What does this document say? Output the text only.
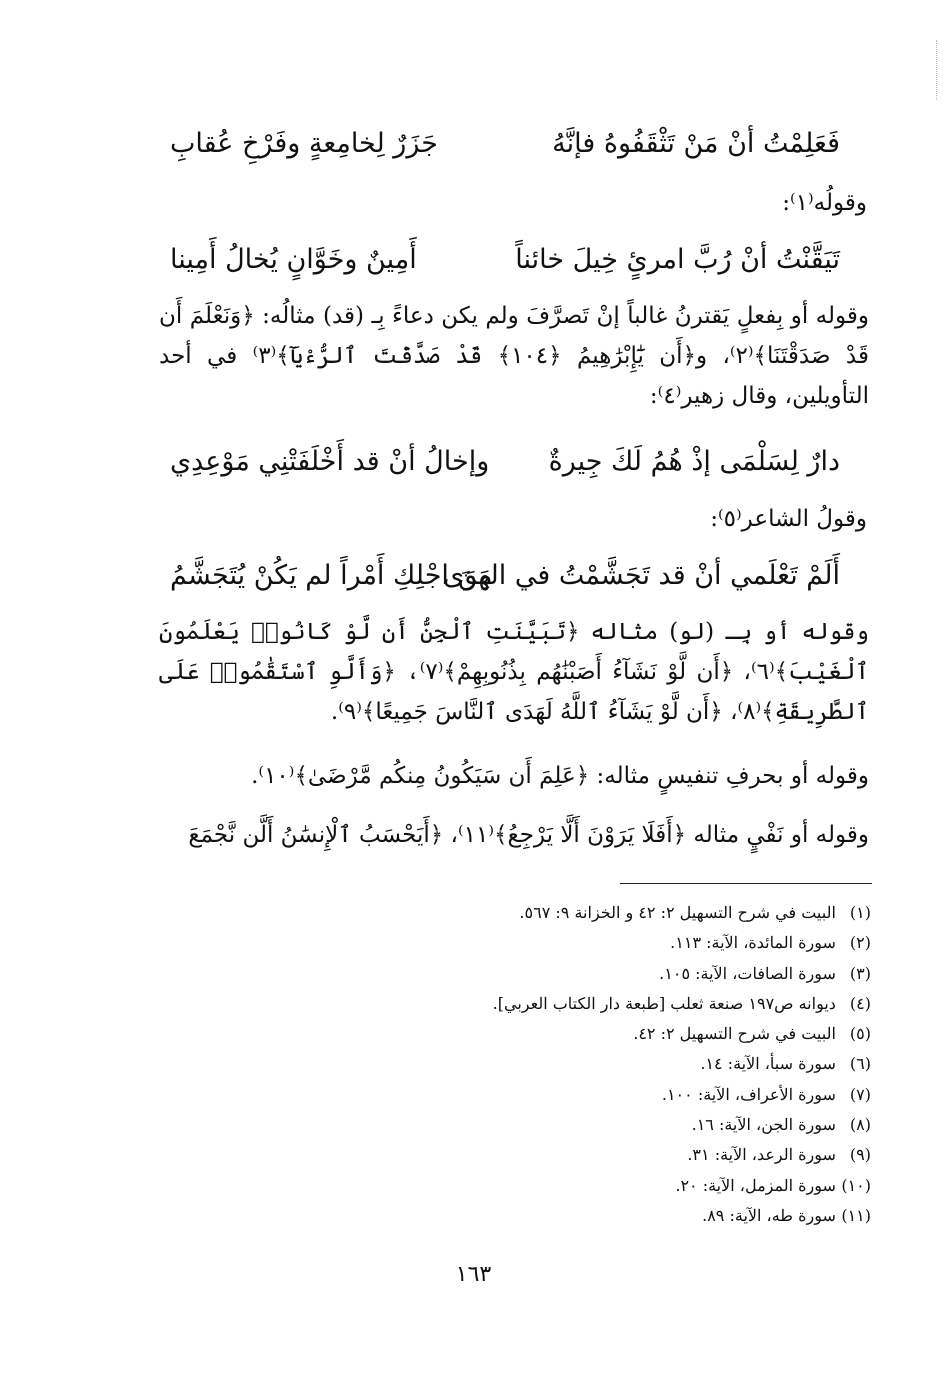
فَعَلِمْتُ أنْ مَنْ تَثْقَفُوهُ فإنَّهُ
جَزَرٌ لِخامِعةٍ وفَرْخِ عُقابِ
وقولُه⁽١⁾:
تَيَقَّنْتُ أنْ رُبَّ امرئٍ خِيلَ خائناً
أَمِينٌ وخَوَّانٍ يُخالُ أَمِينا
وقوله أو بِفعلٍ يَقترنُ غالباً إنْ تَصرَّفَ ولم يكن دعاءً بِـ (قد) مثالُه: ﴿وَنَعْلَمَ أَن قَدْ صَدَقْتَنَا﴾⁽٢⁾، و﴿أَن يَٰٓإِبْرَٰهِيمُ ﴿١٠٤﴾ قَدْ صَدَّقْتَ ٱلرُّءْيَآ﴾⁽٣⁾ في أحد التأويلين، وقال زهير⁽٤⁾:
دارٌ لِسَلْمَى إذْ هُمُ لَكَ جِيرةٌ
وإخالُ أنْ قد أَخْلَفَتْنِي مَوْعِدِي
وقولُ الشاعر⁽٥⁾:
أَلَمْ تَعْلَمي أنْ قد تَجَشَّمْتُ في الهَوَى
مِنَ اجْلِكِ أَمْراً لم يَكُنْ يُتَجَشَّمُ
وقوله أو بِـ (لو) مثاله ﴿تَبَيَّنَتِ ٱلْجِنُّ أَن لَّوْ كَانُوا۟ يَعْلَمُونَ ٱلْغَيْبَ﴾⁽٦⁾، ﴿أَن لَّوْ نَشَآءُ أَصَبْنَٰهُم بِذُنُوبِهِمْ﴾⁽٧⁾، ﴿وَأَلَّوِ ٱسْتَقَٰمُوا۟ عَلَى ٱلطَّرِيقَةِ﴾⁽٨⁾، ﴿أَن لَّوْ يَشَآءُ ٱللَّهُ لَهَدَى ٱلنَّاسَ جَمِيعًا﴾⁽٩⁾.
وقوله أو بحرفِ تنفيسٍ مثاله: ﴿عَلِمَ أَن سَيَكُونُ مِنكُم مَّرْضَىٰ﴾⁽١٠⁾.
وقوله أو نَفْيٍ مثاله ﴿أَفَلَا يَرَوْنَ أَلَّا يَرْجِعُ﴾⁽١١⁾، ﴿أَيَحْسَبُ ٱلْإِنسَٰنُ أَلَّن نَّجْمَعَ
(١) البيت في شرح التسهيل ٢: ٤٢ و الخزانة ٩: ٥٦٧.
(٢) سورة المائدة، الآية: ١١٣.
(٣) سورة الصافات، الآية: ١٠٥.
(٤) ديوانه ص١٩٧ صنعة ثعلب [طبعة دار الكتاب العربي].
(٥) البيت في شرح التسهيل ٢: ٤٢.
(٦) سورة سبأ، الآية: ١٤.
(٧) سورة الأعراف، الآية: ١٠٠.
(٨) سورة الجن، الآية: ١٦.
(٩) سورة الرعد، الآية: ٣١.
(١٠) سورة المزمل، الآية: ٢٠.
(١١) سورة طه، الآية: ٨٩.
١٦٣
